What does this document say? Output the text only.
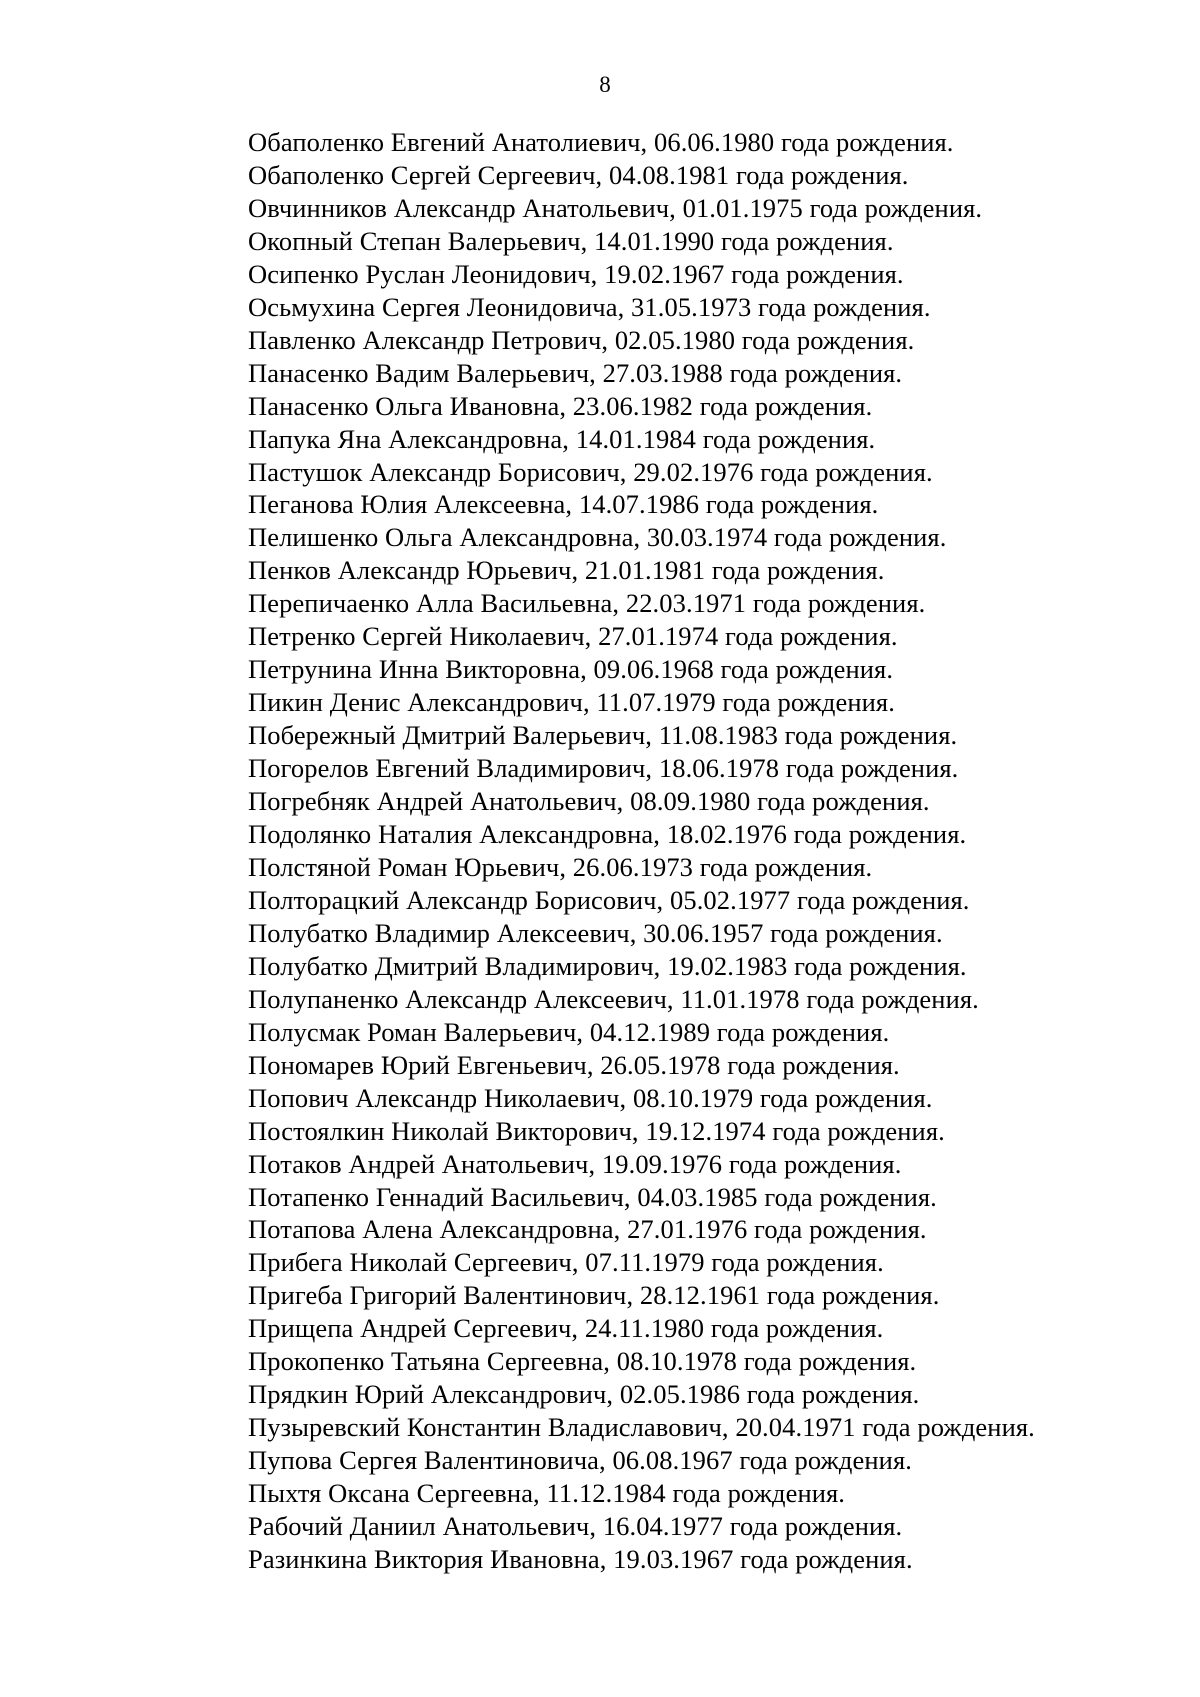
8
Обаполенко Евгений Анатолиевич, 06.06.1980 года рождения.
Обаполенко Сергей Сергеевич, 04.08.1981 года рождения.
Овчинников Александр Анатольевич, 01.01.1975 года рождения.
Окопный Степан Валерьевич, 14.01.1990 года рождения.
Осипенко Руслан Леонидович, 19.02.1967 года рождения.
Осьмухина Сергея Леонидовича, 31.05.1973 года рождения.
Павленко Александр Петрович, 02.05.1980 года рождения.
Панасенко Вадим Валерьевич, 27.03.1988 года рождения.
Панасенко Ольга Ивановна, 23.06.1982 года рождения.
Папука Яна Александровна, 14.01.1984 года рождения.
Пастушок Александр Борисович, 29.02.1976 года рождения.
Пеганова Юлия Алексеевна, 14.07.1986 года рождения.
Пелишенко Ольга Александровна, 30.03.1974 года рождения.
Пенков Александр Юрьевич, 21.01.1981 года рождения.
Перепичаенко Алла Васильевна, 22.03.1971 года рождения.
Петренко Сергей Николаевич, 27.01.1974 года рождения.
Петрунина Инна Викторовна, 09.06.1968 года рождения.
Пикин Денис Александрович, 11.07.1979 года рождения.
Побережный Дмитрий Валерьевич, 11.08.1983 года рождения.
Погорелов Евгений Владимирович, 18.06.1978 года рождения.
Погребняк Андрей Анатольевич, 08.09.1980 года рождения.
Подолянко Наталия Александровна, 18.02.1976 года рождения.
Полстяной Роман Юрьевич, 26.06.1973 года рождения.
Полторацкий Александр Борисович, 05.02.1977 года рождения.
Полубатко Владимир Алексеевич, 30.06.1957 года рождения.
Полубатко Дмитрий Владимирович, 19.02.1983 года рождения.
Полупаненко Александр Алексеевич, 11.01.1978 года рождения.
Полусмак Роман Валерьевич, 04.12.1989 года рождения.
Пономарев Юрий Евгеньевич, 26.05.1978 года рождения.
Попович Александр Николаевич, 08.10.1979 года рождения.
Постоялкин Николай Викторович, 19.12.1974 года рождения.
Потаков Андрей Анатольевич, 19.09.1976 года рождения.
Потапенко Геннадий Васильевич, 04.03.1985 года рождения.
Потапова Алена Александровна, 27.01.1976 года рождения.
Прибега Николай Сергеевич, 07.11.1979 года рождения.
Пригеба Григорий Валентинович, 28.12.1961 года рождения.
Прищепа Андрей Сергеевич, 24.11.1980 года рождения.
Прокопенко Татьяна Сергеевна, 08.10.1978 года рождения.
Прядкин Юрий Александрович, 02.05.1986 года рождения.
Пузыревский Константин Владиславович, 20.04.1971 года рождения.
Пупова Сергея Валентиновича, 06.08.1967 года рождения.
Пыхтя Оксана Сергеевна, 11.12.1984 года рождения.
Рабочий Даниил Анатольевич, 16.04.1977 года рождения.
Разинкина Виктория Ивановна, 19.03.1967 года рождения.
